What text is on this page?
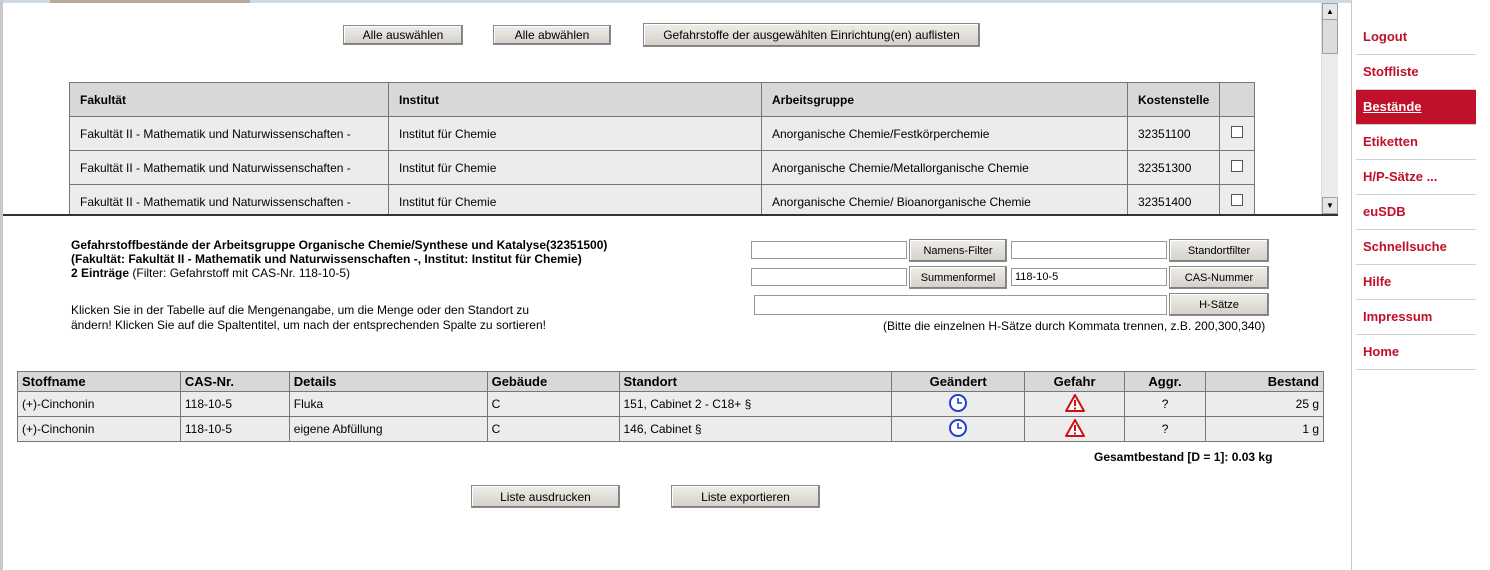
Alle auswählen	Alle abwählen	Gefahrstoffe der ausgewählten Einrichtung(en) auflisten
Fakultät	Institut	Arbeitsgruppe	Kostenstelle	
Fakultät II - Mathematik und Naturwissenschaften -	Institut für Chemie	Anorganische Chemie/Festkörperchemie	32351100	
Fakultät II - Mathematik und Naturwissenschaften -	Institut für Chemie	Anorganische Chemie/Metallorganische Chemie	32351300	
Fakultät II - Mathematik und Naturwissenschaften -	Institut für Chemie	Anorganische Chemie/ Bioanorganische Chemie	32351400	
▲
▼
Gefahrstoffbestände der Arbeitsgruppe Organische Chemie/Synthese und Katalyse(32351500)
(Fakultät: Fakultät II - Mathematik und Naturwissenschaften -, Institut: Institut für Chemie)
2 Einträge (Filter: Gefahrstoff mit CAS-Nr. 118-10-5)
Klicken Sie in der Tabelle auf die Mengenangabe, um die Menge oder den Standort zu ändern! Klicken Sie auf die Spaltentitel, um nach der entsprechenden Spalte zu sortieren!
Namens-Filter	Standortfilter
Summenformel
118-10-5	CAS-Nummer
H-Sätze
(Bitte die einzelnen H-Sätze durch Kommata trennen, z.B. 200,300,340)
Stoffname	CAS-Nr.	Details	Gebäude	Standort	Geändert	Gefahr	Aggr.	Bestand
(+)-Cinchonin	118-10-5	Fluka	C	151, Cabinet 2 - C18+ §			?	25 g
(+)-Cinchonin	118-10-5	eigene Abfüllung	C	146, Cabinet §			?	1 g
Gesamtbestand [D = 1]: 0.03 kg
Liste ausdrucken	Liste exportieren
Logout
Stoffliste
Bestände
Etiketten
H/P-Sätze ...
euSDB
Schnellsuche
Hilfe
Impressum
Home
